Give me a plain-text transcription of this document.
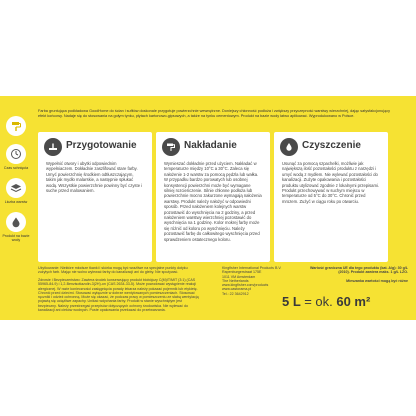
Czas schnięcia
Liczba warstw
Produkt na bazie wody
Farba gruntująca podkładowa GoodHome do ścian i sufitów doskonale przygotuje powierzchnie wewnętrzne. Doniejszy chłonność podłoża i zwiększy przyczepność warstwy wierzchniej, dając satysfakcjonujący efekt końcowy. Nadaje się do stosowania na gołym tynku, płytach kartonowo-gipsowych, a także na tynku cementowym. Produkt na bazie wody łatwo aplikować. Wyprodukowano w Polsce.
Przygotowanie
Wypełnić otwory i ubytki odpowiednim wypełniaczem. Dokładnie zaszlifować stare farby. Umyć powierzchnię środkiem odtłuszczającym, takim jak mydło malarskie, a następnie spłukać wodą. Wszystkie powierzchnie powinny być czyste i suche przed malowaniem.
Nakładanie
Wymieszać dokładnie przed użyciem. Nakładać w temperaturze między 10°C a 30°C. Zaleca się nałożenie 1-2 warstw za pomocą pędzla lub wałka. W przypadku bardzo porowatych lub osobnej konsystencji powierzchni może być wymagane silniej rozcieńczenie. Silnie chłonne podłoża lub powierzchnie mocno zakurzone wymagają nałożenia warstwy. Produkt należy nałożyć w odpowiedni sposób. Przed nałożeniem kolejnych warstw pozostawić do wyschnięcia na 2 godziny, a przed nałożeniem warstwy wierzchniej pozostawić do wyschnięcia na 1 godzinę. Kolor mokrej farby może się różnić od koloru po wyschnięciu. Należy pozostawić farbę do całkowitego wyschnięcia przed sprawdzeniem ostatecznego koloru.
Czyszczenie
Usunąć za pomocą szpachelki, możliwie jak największą ilość pozostałości produktu z narzędzi i umyć wodą z mydłem. Nie wylewać pozostałości do kanalizacji. Zużyte opakowania i pozostałości produktu utylizować zgodnie z lokalnymi przepisami. Produkt przechowywać w suchym miejscu w temperaturze od 5°C do 30°C. Chronić przed mrozem. Zużyć w ciągu roku po otwarciu.
Użytkowanie: Niektóre młodsze tkanki i skórka mogą być wrażliwe na specjalne punkty dotyku zużytych farb. Mając nie wolno wylewać farby do kanalizacji ani do gleby. Nie spożywać.
Zdrowie i Bezpieczeństwo: Zawiera środek konserwujący produkt biobójczy C(M)IT/MIT (3:1) (CAS 55965-84-9) i 1,2-Benzisotiazolin-3(2H)-on (CAS 2634-33-5). Może powodować wystąpienie reakcji alergicznej. W razie konieczności zasięgnięcia porady lekarza należy pokazać pojemnik lub etykietę. Chronić przed dziećmi. Stosować wyłącznie w dobrze wentylowanych pomieszczeniach. Stosować ręczniki i odzież ochronną. Może się okazać, że podczas pracy w pomieszczeniu ze słabą wentylacją pojawią się uciążliwe zapachy. Unikać wdychania farby. Produkt w stanie wyschniętym jest bezpieczny. Należy przestrzegać przepisów dotyczących ochrony środowiska. Nie wylewać do kanalizacji ani cieków wodnych. Puste opakowania przekazać do przetwarzania.
Kingfisher International Products B.V.
Rapenburgerstraat 175E
1011 VM Amsterdam
The Netherlands
www.kingfisher.com/products
www.castorama.pl
Tel.: 22 3642912
Wartość graniczna UE dla tego produktu (kat. A/g): 30 g/L (2010). Produkt zawiera maks. 1 g/L LZO.
Mieszanka wartości mogą być różne
5 L = ok. 60 m²
